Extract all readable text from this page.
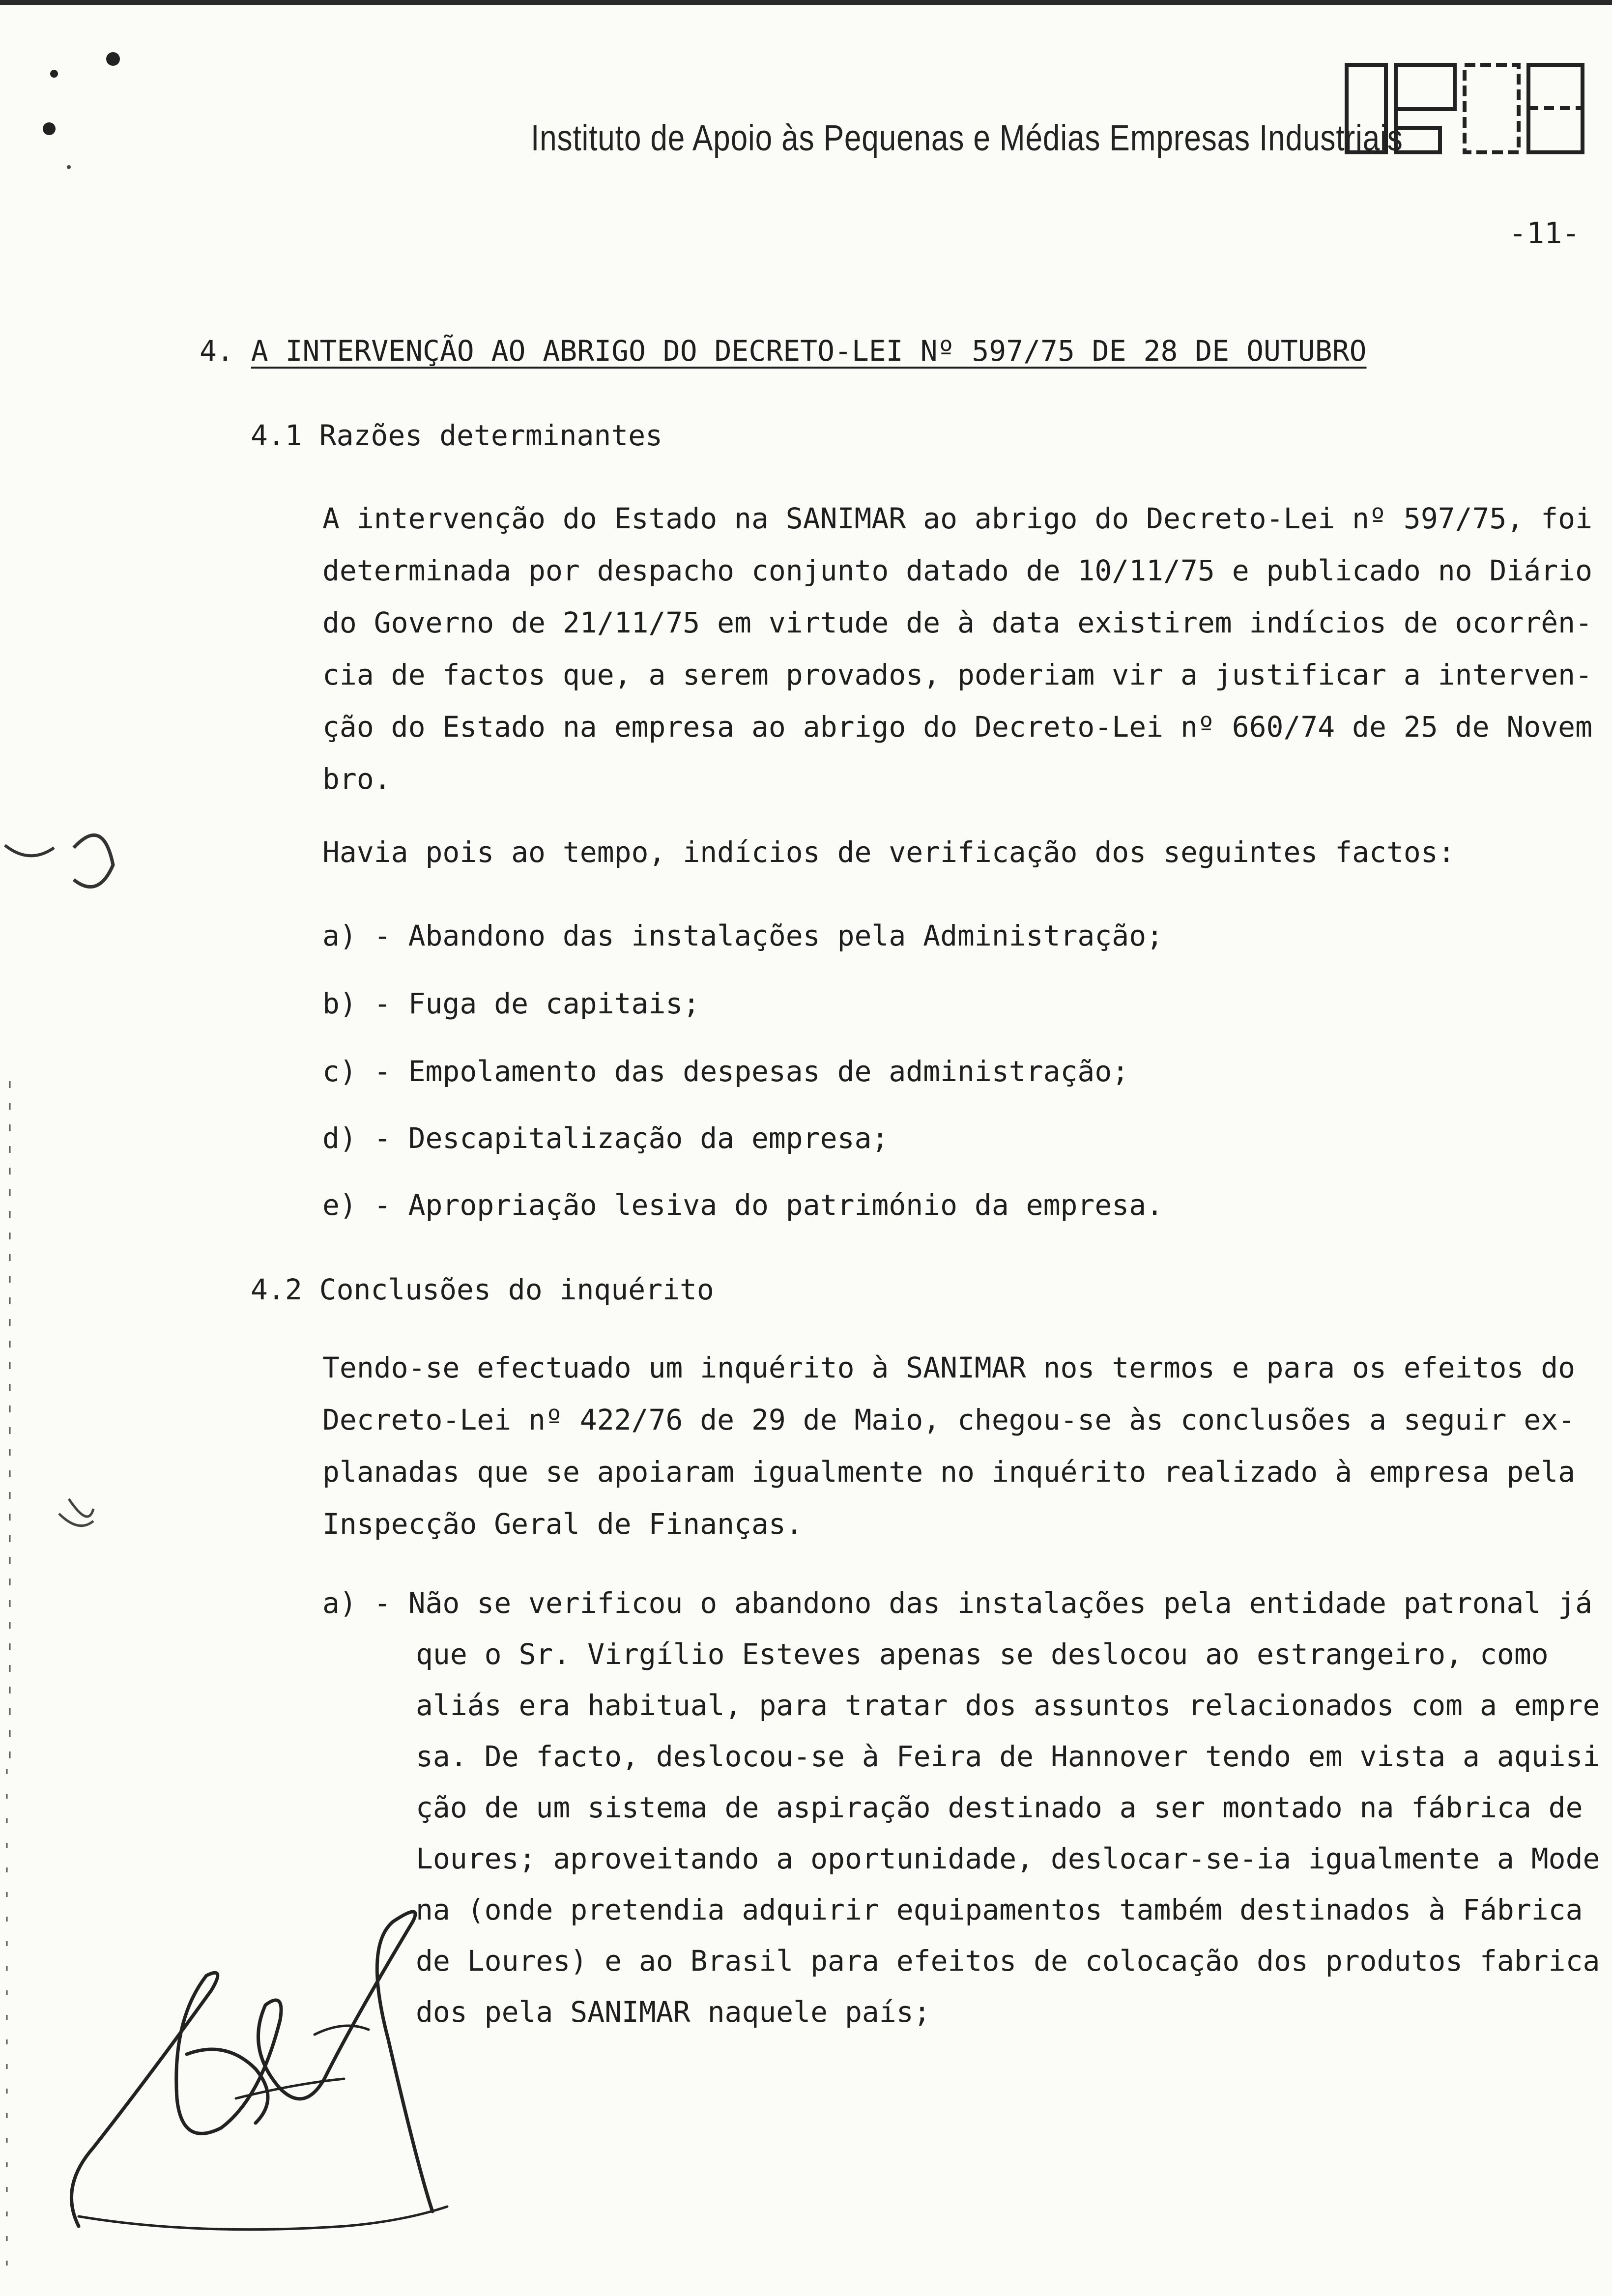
Instituto de Apoio às Pequenas e Médias Empresas Industriais
-11-
4. A INTERVENÇÃO AO ABRIGO DO DECRETO-LEI Nº 597/75 DE 28 DE OUTUBRO
4.1 Razões determinantes
A intervenção do Estado na SANIMAR ao abrigo do Decreto-Lei nº 597/75, foi
determinada por despacho conjunto datado de 10/11/75 e publicado no Diário
do Governo de 21/11/75 em virtude de à data existirem indícios de ocorrên-
cia de factos que, a serem provados, poderiam vir a justificar a interven-
ção do Estado na empresa ao abrigo do Decreto-Lei nº 660/74 de 25 de Novem
bro.
Havia pois ao tempo, indícios de verificação dos seguintes factos:
a) - Abandono das instalações pela Administração;
b) - Fuga de capitais;
c) - Empolamento das despesas de administração;
d) - Descapitalização da empresa;
e) - Apropriação lesiva do património da empresa.
4.2 Conclusões do inquérito
Tendo-se efectuado um inquérito à SANIMAR nos termos e para os efeitos do
Decreto-Lei nº 422/76 de 29 de Maio, chegou-se às conclusões a seguir ex-
planadas que se apoiaram igualmente no inquérito realizado à empresa pela
Inspecção Geral de Finanças.
a) - Não se verificou o abandono das instalações pela entidade patronal já
que o Sr. Virgílio Esteves apenas se deslocou ao estrangeiro, como
aliás era habitual, para tratar dos assuntos relacionados com a empre
sa. De facto, deslocou-se à Feira de Hannover tendo em vista a aquisi
ção de um sistema de aspiração destinado a ser montado na fábrica de
Loures; aproveitando a oportunidade, deslocar-se-ia igualmente a Mode
na (onde pretendia adquirir equipamentos também destinados à Fábrica
de Loures) e ao Brasil para efeitos de colocação dos produtos fabrica
dos pela SANIMAR naquele país;
